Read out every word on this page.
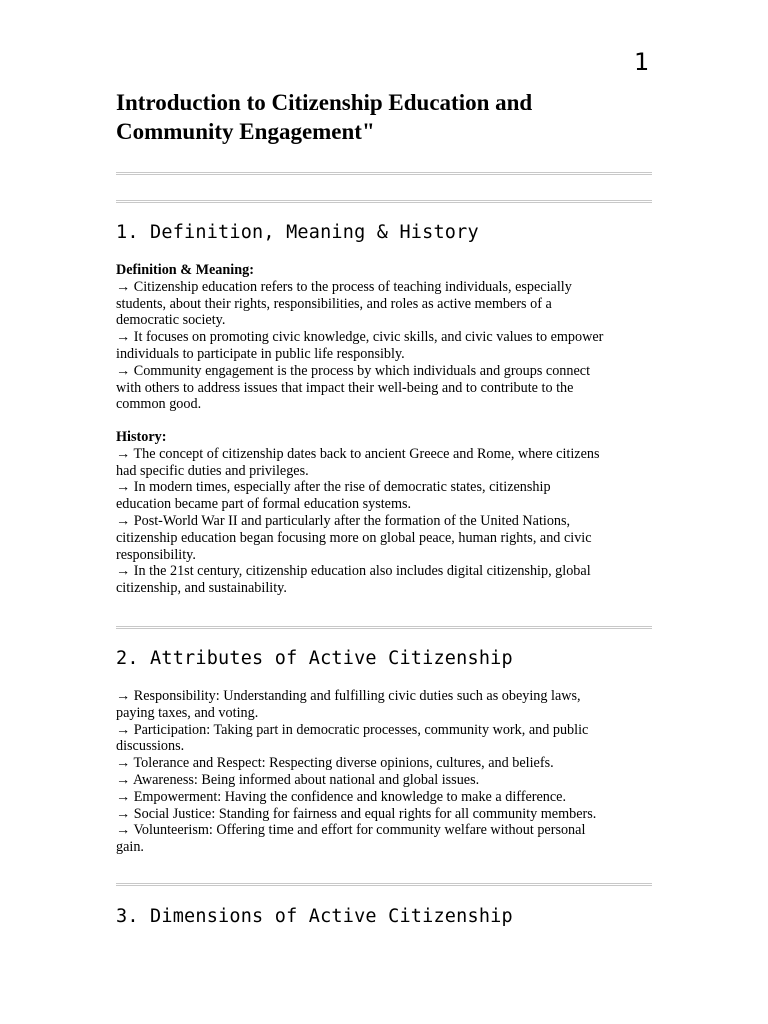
1
Introduction to Citizenship Education and Community Engagement"
1. Definition, Meaning & History

Definition & Meaning:

→ Citizenship education refers to the process of teaching individuals, especially

students, about their rights, responsibilities, and roles as active members of a

democratic society.

→ It focuses on promoting civic knowledge, civic skills, and civic values to empower

individuals to participate in public life responsibly.

→ Community engagement is the process by which individuals and groups connect

with others to address issues that impact their well-being and to contribute to the

common good.

History:

→ The concept of citizenship dates back to ancient Greece and Rome, where citizens

had specific duties and privileges.

→ In modern times, especially after the rise of democratic states, citizenship

education became part of formal education systems.

→ Post-World War II and particularly after the formation of the United Nations,

citizenship education began focusing more on global peace, human rights, and civic

responsibility.

→ In the 21st century, citizenship education also includes digital citizenship, global

citizenship, and sustainability.

2. Attributes of Active Citizenship

→ Responsibility: Understanding and fulfilling civic duties such as obeying laws,

paying taxes, and voting.

→ Participation: Taking part in democratic processes, community work, and public

discussions.

→ Tolerance and Respect: Respecting diverse opinions, cultures, and beliefs.

→ Awareness: Being informed about national and global issues.

→ Empowerment: Having the confidence and knowledge to make a difference.

→ Social Justice: Standing for fairness and equal rights for all community members.

→ Volunteerism: Offering time and effort for community welfare without personal

gain.

3. Dimensions of Active Citizenship
